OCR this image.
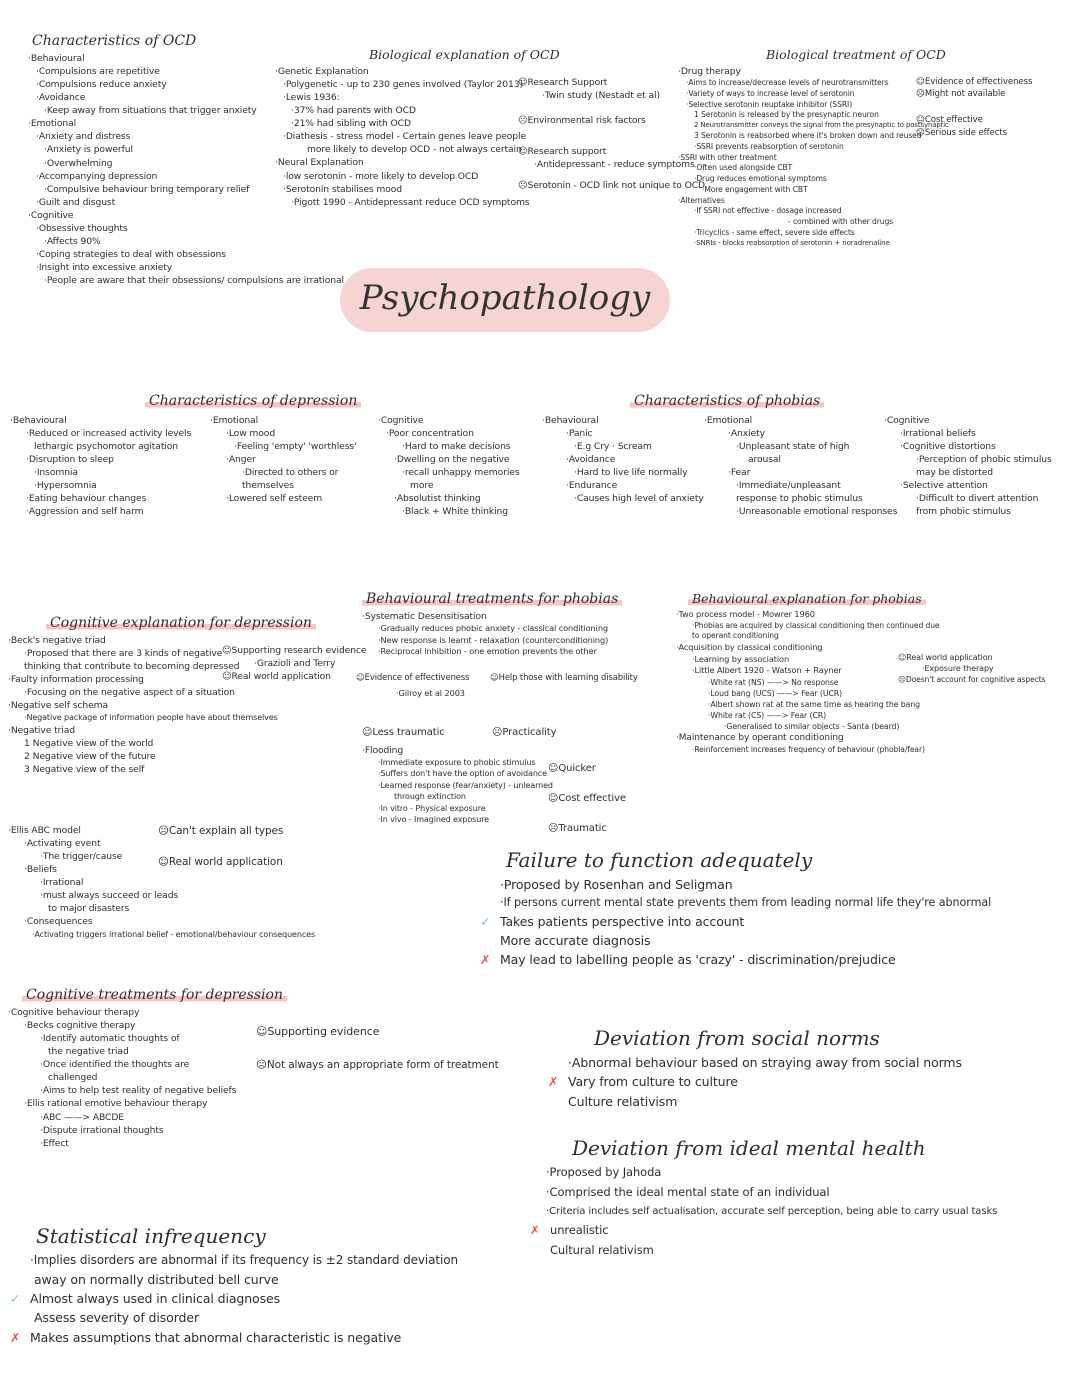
Psychopathology
Characteristics of OCD
·Behavioural
·Compulsions are repetitive
·Compulsions reduce anxiety
·Avoidance
·Keep away from situations that trigger anxiety
·Emotional
·Anxiety and distress
·Anxiety is powerful
·Overwhelming
·Accompanying depression
·Compulsive behaviour bring temporary relief
·Guilt and disgust
·Cognitive
·Obsessive thoughts
·Affects 90%
·Coping strategies to deal with obsessions
·Insight into excessive anxiety
·People are aware that their obsessions/ compulsions are irrational
Biological explanation of OCD
·Genetic Explanation
·Polygenetic - up to 230 genes involved (Taylor 2013)
·Lewis 1936:
·37% had parents with OCD
·21% had sibling with OCD
·Diathesis - stress model - Certain genes leave people
more likely to develop OCD - not always certain
·Neural Explanation
·low serotonin - more likely to develop OCD
·Serotonin stabilises mood
·Pigott 1990 - Antidepressant reduce OCD symptoms
☺ Research Support
·Twin study (Nestadt et al)
☹ Environmental risk factors
☺ Research support
·Antidepressant - reduce symptoms
☹ Serotonin - OCD link not unique to OCD
Biological treatment of OCD
·Drug therapy
·Aims to increase/decrease levels of neurotransmitters
·Variety of ways to increase level of serotonin
·Selective serotonin reuptake inhibitor (SSRI)
1 Serotonin is released by the presynaptic neuron
2 Neurotransmitter conveys the signal from the presynaptic to postsynaptic
3 Serotonin is reabsorbed where it's broken down and reused
·SSRI prevents reabsorption of serotonin
·SSRI with other treatment
·Often used alongside CBT
·Drug reduces emotional symptoms
·More engagement with CBT
·Alternatives
·If SSRI not effective - dosage increased
- combined with other drugs
·Tricyclics - same effect, severe side effects
·SNRIs - blocks reabsorption of serotonin + noradrenaline
☺ Evidence of effectiveness
☹ Might not available
☺ Cost effective
☹ Serious side effects
Characteristics of depression
·Behavioural
·Reduced or increased activity levels
lethargic psychomotor agitation
·Disruption to sleep
·Insomnia
·Hypersomnia
·Eating behaviour changes
·Aggression and self harm
·Emotional
·Low mood
·Feeling 'empty' 'worthless'
·Anger
·Directed to others or
themselves
·Lowered self esteem
·Cognitive
·Poor concentration
·Hard to make decisions
·Dwelling on the negative
·recall unhappy memories
more
·Absolutist thinking
·Black + White thinking
Characteristics of phobias
·Behavioural
·Panic
·E.g Cry · Scream
·Avoidance
·Hard to live life normally
·Endurance
·Causes high level of anxiety
·Emotional
·Anxiety
·Unpleasant state of high
arousal
·Fear
·Immediate/unpleasant
response to phobic stimulus
·Unreasonable emotional responses
·Cognitive
·Irrational beliefs
·Cognitive distortions
·Perception of phobic stimulus
may be distorted
·Selective attention
·Difficult to divert attention
from phobic stimulus
Cognitive explanation for depression
·Beck's negative triad
·Proposed that there are 3 kinds of negative
thinking that contribute to becoming depressed
·Faulty information processing
·Focusing on the negative aspect of a situation
·Negative self schema
·Negative package of information people have about themselves
·Negative triad
1 Negative view of the world
2 Negative view of the future
3 Negative view of the self
☺ Supporting research evidence
·Grazioli and Terry
☺ Real world application
·Ellis ABC model
·Activating event
·The trigger/cause
·Beliefs
·Irrational
·must always succeed or leads
to major disasters
·Consequences
·Activating triggers irrational belief - emotional/behaviour consequences
☹ Can't explain all types
☺ Real world application
Behavioural treatments for phobias
·Systematic Desensitisation
·Gradually reduces phobic anxiety - classical conditioning
·New response is learnt - relaxation (counterconditioning)
·Reciprocal inhibition - one emotion prevents the other
☺ Evidence of effectiveness
·Gilroy et al 2003
☺ Help those with learning disability
☺ Less traumatic
☹	Practicality
·Flooding
·Immediate exposure to phobic stimulus
·Suffers don't have the option of avoidance
·Learned response (fear/anxiety) - unlearned
through extinction
·In vitro - Physical exposure
·In vivo - Imagined exposure
☺ Quicker
☺ Cost effective
☹ Traumatic
Behavioural explanation for phobias
·Two process model - Mowrer 1960
·Phobias are acquired by classical conditioning then continued due
to operant conditioning
·Acquisition by classical conditioning
·Learning by association
·Little Albert 1920 - Watson + Rayner
·White rat (NS) ——> No response
·Loud bang (UCS) ——> Fear (UCR)
·Albert shown rat at the same time as hearing the bang
·White rat (CS) ——> Fear (CR)
·Generalised to similar objects - Santa (beard)
·Maintenance by operant conditioning
·Reinforcement increases frequency of behaviour (phobia/fear)
☺ Real world application
·Exposure therapy
☹ Doesn't account for cognitive aspects
Cognitive treatments for depression
·Cognitive behaviour therapy
·Becks cognitive therapy
·Identify automatic thoughts of
the negative triad
·Once identified the thoughts are
challenged
·Aims to help test reality of negative beliefs
·Ellis rational emotive behaviour therapy
·ABC ——> ABCDE
·Dispute irrational thoughts
·Effect
☺ Supporting evidence
☹ Not always an appropriate form of treatment
Failure to function adequately
·Proposed by Rosenhan and Seligman
·If persons current mental state prevents them from leading normal life they're abnormal
✓ Takes patients perspective into account
More accurate diagnosis
✗ May lead to labelling people as 'crazy' - discrimination/prejudice
Deviation from social norms
·Abnormal behaviour based on straying away from social norms
✗ Vary from culture to culture
Culture relativism
Deviation from ideal mental health
·Proposed by Jahoda
·Comprised the ideal mental state of an individual
·Criteria includes self actualisation, accurate self perception, being able to carry usual tasks
✗ unrealistic
Cultural relativism
Statistical infrequency
·Implies disorders are abnormal if its frequency is ±2 standard deviation
away on normally distributed bell curve
✓ Almost always used in clinical diagnoses
Assess severity of disorder
✗ Makes assumptions that abnormal characteristic is negative
